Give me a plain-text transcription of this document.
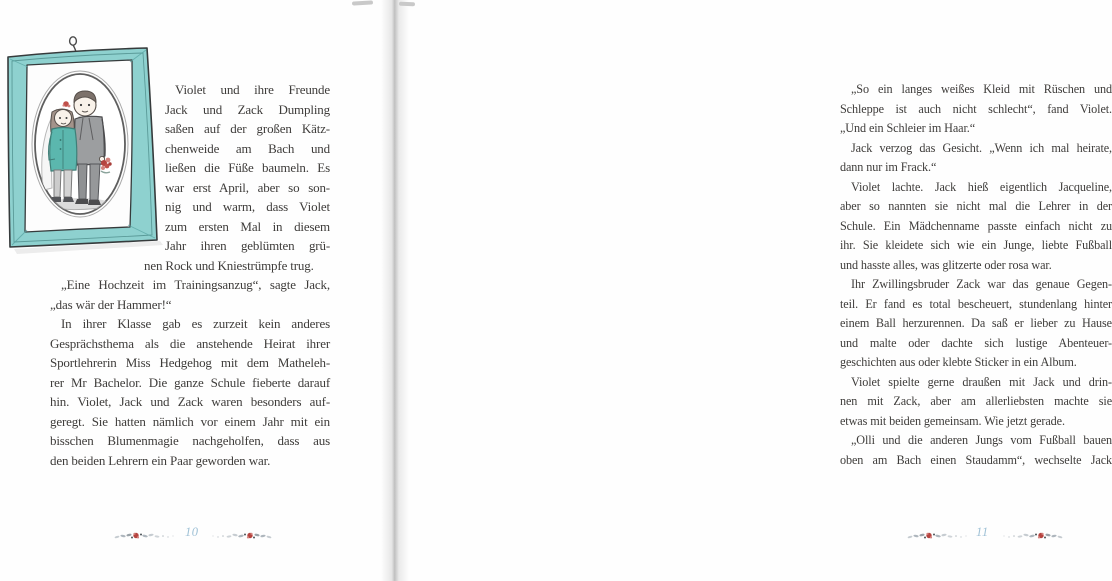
Violet und ihre Freunde
Jack und Zack Dumpling
saßen auf der großen Kätz-
chenweide am Bach und
ließen die Füße baumeln. Es
war erst April, aber so son-
nig und warm, dass Violet
zum ersten Mal in diesem
Jahr ihren geblümten grü-
nen Rock und Kniestrümpfe trug.
„Eine Hochzeit im Trainingsanzug“, sagte Jack,
„das wär der Hammer!“
In ihrer Klasse gab es zurzeit kein anderes
Gesprächsthema als die anstehende Heirat ihrer
Sportlehrerin Miss Hedgehog mit dem Matheleh-
rer Mr Bachelor. Die ganze Schule fieberte darauf
hin. Violet, Jack und Zack waren besonders auf-
geregt. Sie hatten nämlich vor einem Jahr mit ein
bisschen Blumenmagie nachgeholfen, dass aus
den beiden Lehrern ein Paar geworden war.
10
„So ein langes weißes Kleid mit Rüschen und
Schleppe ist auch nicht schlecht“, fand Violet.
„Und ein Schleier im Haar.“
Jack verzog das Gesicht. „Wenn ich mal heirate,
dann nur im Frack.“
Violet lachte. Jack hieß eigentlich Jacqueline,
aber so nannten sie nicht mal die Lehrer in der
Schule. Ein Mädchenname passte einfach nicht zu
ihr. Sie kleidete sich wie ein Junge, liebte Fußball
und hasste alles, was glitzerte oder rosa war.
Ihr Zwillingsbruder Zack war das genaue Gegen-
teil. Er fand es total bescheuert, stundenlang hinter
einem Ball herzurennen. Da saß er lieber zu Hause
und malte oder dachte sich lustige Abenteuer-
geschichten aus oder klebte Sticker in ein Album.
Violet spielte gerne draußen mit Jack und drin-
nen mit Zack, aber am allerliebsten machte sie
etwas mit beiden gemeinsam. Wie jetzt gerade.
„Olli und die anderen Jungs vom Fußball bauen
oben am Bach einen Staudamm“, wechselte Jack
11
